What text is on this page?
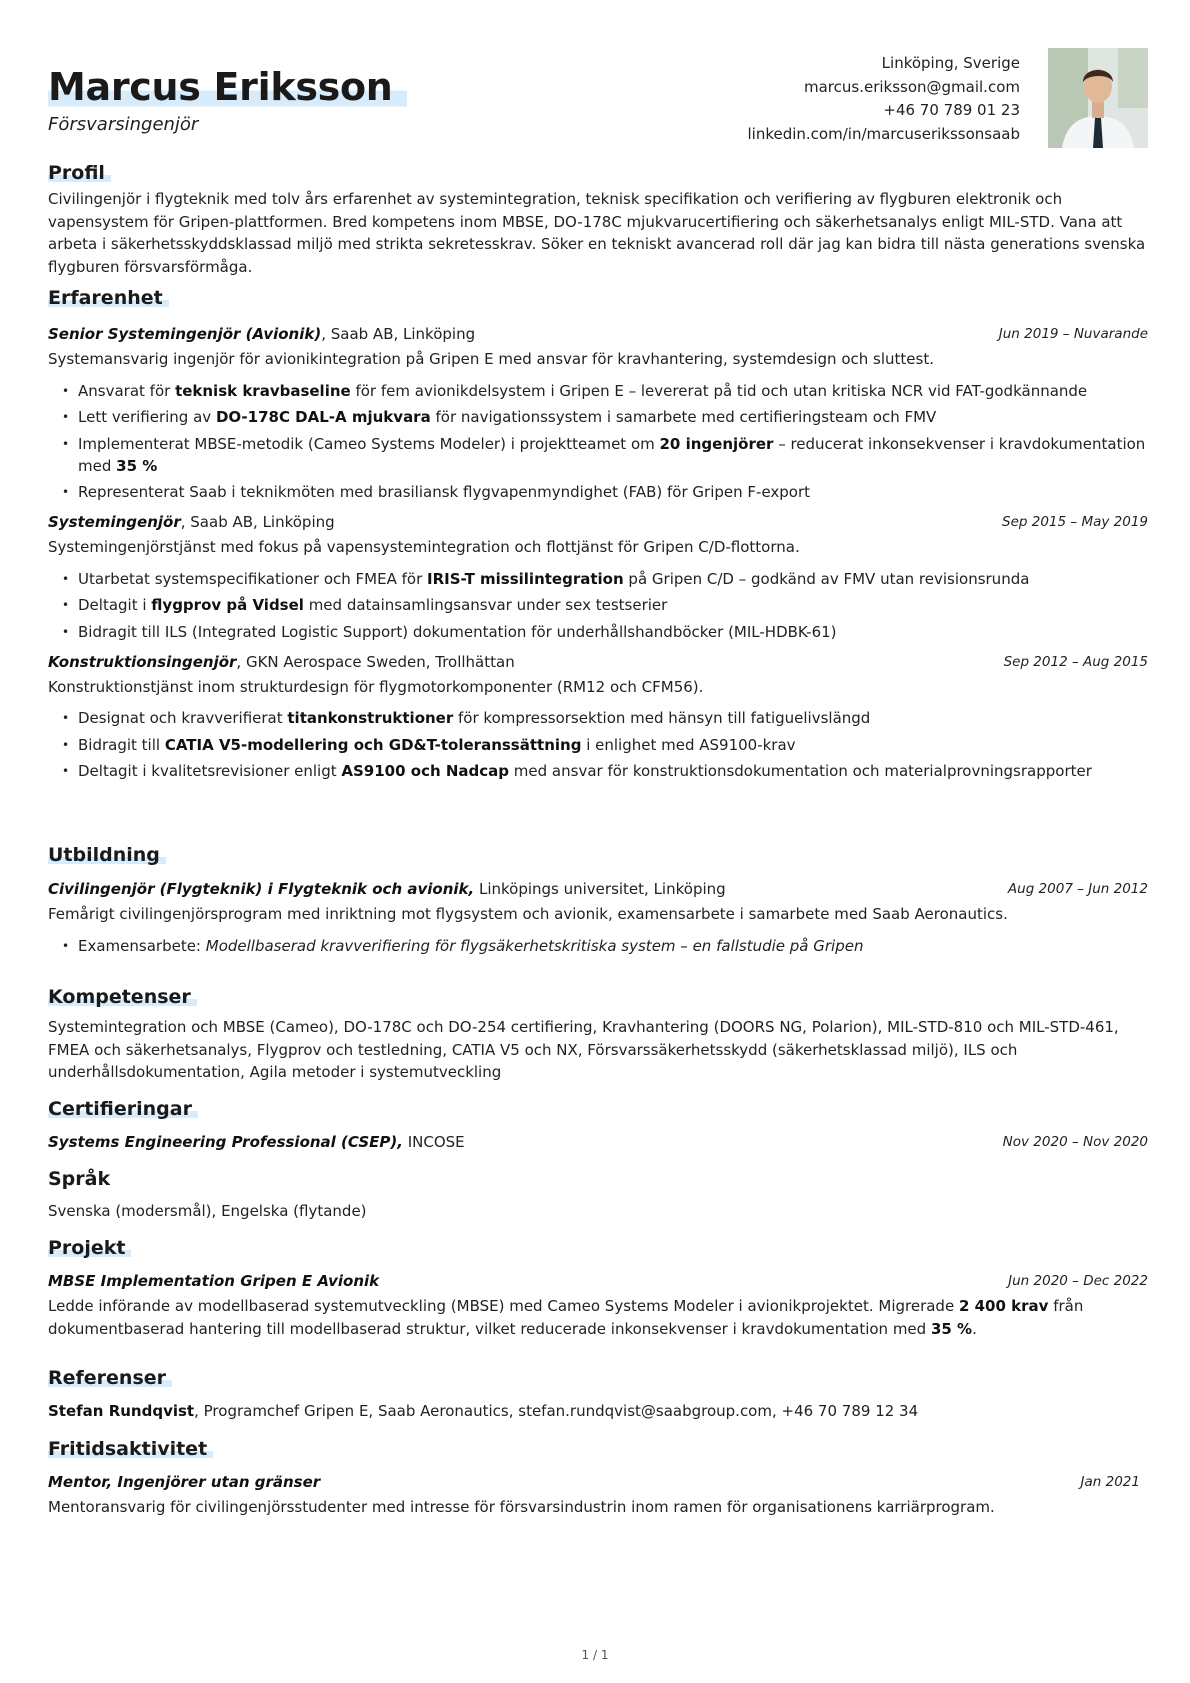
Marcus Eriksson
Försvarsingenjör
Linköping, Sverige
marcus.eriksson@gmail.com
+46 70 789 01 23
linkedin.com/in/marcuserikssonsaab
Profil

Civilingenjör i flygteknik med tolv års erfarenhet av systemintegration, teknisk specifikation och verifiering av flygburen elektronik och vapensystem för Gripen-plattformen. Bred kompetens inom MBSE, DO-178C mjukvarucertifiering och säkerhetsanalys enligt MIL-STD. Vana att arbeta i säkerhetsskyddsklassad miljö med strikta sekretesskrav. Söker en tekniskt avancerad roll där jag kan bidra till nästa generations svenska flygburen försvarsförmåga.

Erfarenhet
Senior Systemingenjör (Avionik), Saab AB, Linköping	Jun 2019 – Nuvarande

Systemansvarig ingenjör för avionikintegration på Gripen E med ansvar för kravhantering, systemdesign och sluttest.

• Ansvarat för teknisk kravbaseline för fem avionikdelsystem i Gripen E – levererat på tid och utan kritiska NCR vid FAT-godkännande
• Lett verifiering av DO-178C DAL-A mjukvara för navigationssystem i samarbete med certifieringsteam och FMV
• Implementerat MBSE-metodik (Cameo Systems Modeler) i projektteamet om 20 ingenjörer – reducerat inkonsekvenser i kravdokumentation med 35 %
• Representerat Saab i teknikmöten med brasiliansk flygvapenmyndighet (FAB) för Gripen F-export
Systemingenjör, Saab AB, Linköping	Sep 2015 – May 2019

Systemingenjörstjänst med fokus på vapensystemintegration och flottjänst för Gripen C/D-flottorna.

• Utarbetat systemspecifikationer och FMEA för IRIS-T missilintegration på Gripen C/D – godkänd av FMV utan revisionsrunda
• Deltagit i flygprov på Vidsel med datainsamlingsansvar under sex testserier
• Bidragit till ILS (Integrated Logistic Support) dokumentation för underhållshandböcker (MIL-HDBK-61)
Konstruktionsingenjör, GKN Aerospace Sweden, Trollhättan	Sep 2012 – Aug 2015

Konstruktionstjänst inom strukturdesign för flygmotorkomponenter (RM12 och CFM56).

• Designat och kravverifierat titankonstruktioner för kompressorsektion med hänsyn till fatiguelivslängd
• Bidragit till CATIA V5-modellering och GD&T-toleranssättning i enlighet med AS9100-krav
• Deltagit i kvalitetsrevisioner enligt AS9100 och Nadcap med ansvar för konstruktionsdokumentation och materialprovningsrapporter
Utbildning
Civilingenjör (Flygteknik) i Flygteknik och avionik, Linköpings universitet, Linköping	Aug 2007 – Jun 2012

Femårigt civilingenjörsprogram med inriktning mot flygsystem och avionik, examensarbete i samarbete med Saab Aeronautics.

• Examensarbete: Modellbaserad kravverifiering för flygsäkerhetskritiska system – en fallstudie på Gripen
Kompetenser

Systemintegration och MBSE (Cameo), DO-178C och DO-254 certifiering, Kravhantering (DOORS NG, Polarion), MIL-STD-810 och MIL-STD-461, FMEA och säkerhetsanalys, Flygprov och testledning, CATIA V5 och NX, Försvarssäkerhetsskydd (säkerhetsklassad miljö), ILS och underhållsdokumentation, Agila metoder i systemutveckling

Certifieringar
Systems Engineering Professional (CSEP), INCOSE	Nov 2020 – Nov 2020
Språk

Svenska (modersmål), Engelska (flytande)

Projekt
MBSE Implementation Gripen E Avionik	Jun 2020 – Dec 2022

Ledde införande av modellbaserad systemutveckling (MBSE) med Cameo Systems Modeler i avionikprojektet. Migrerade 2 400 krav från dokumentbaserad hantering till modellbaserad struktur, vilket reducerade inkonsekvenser i kravdokumentation med 35 %.

Referenser

Stefan Rundqvist, Programchef Gripen E, Saab Aeronautics, stefan.rundqvist@saabgroup.com, +46 70 789 12 34

Fritidsaktivitet
Mentor, Ingenjörer utan gränser	Jan 2021

Mentoransvarig för civilingenjörsstudenter med intresse för försvarsindustrin inom ramen för organisationens karriärprogram.

1 / 1
